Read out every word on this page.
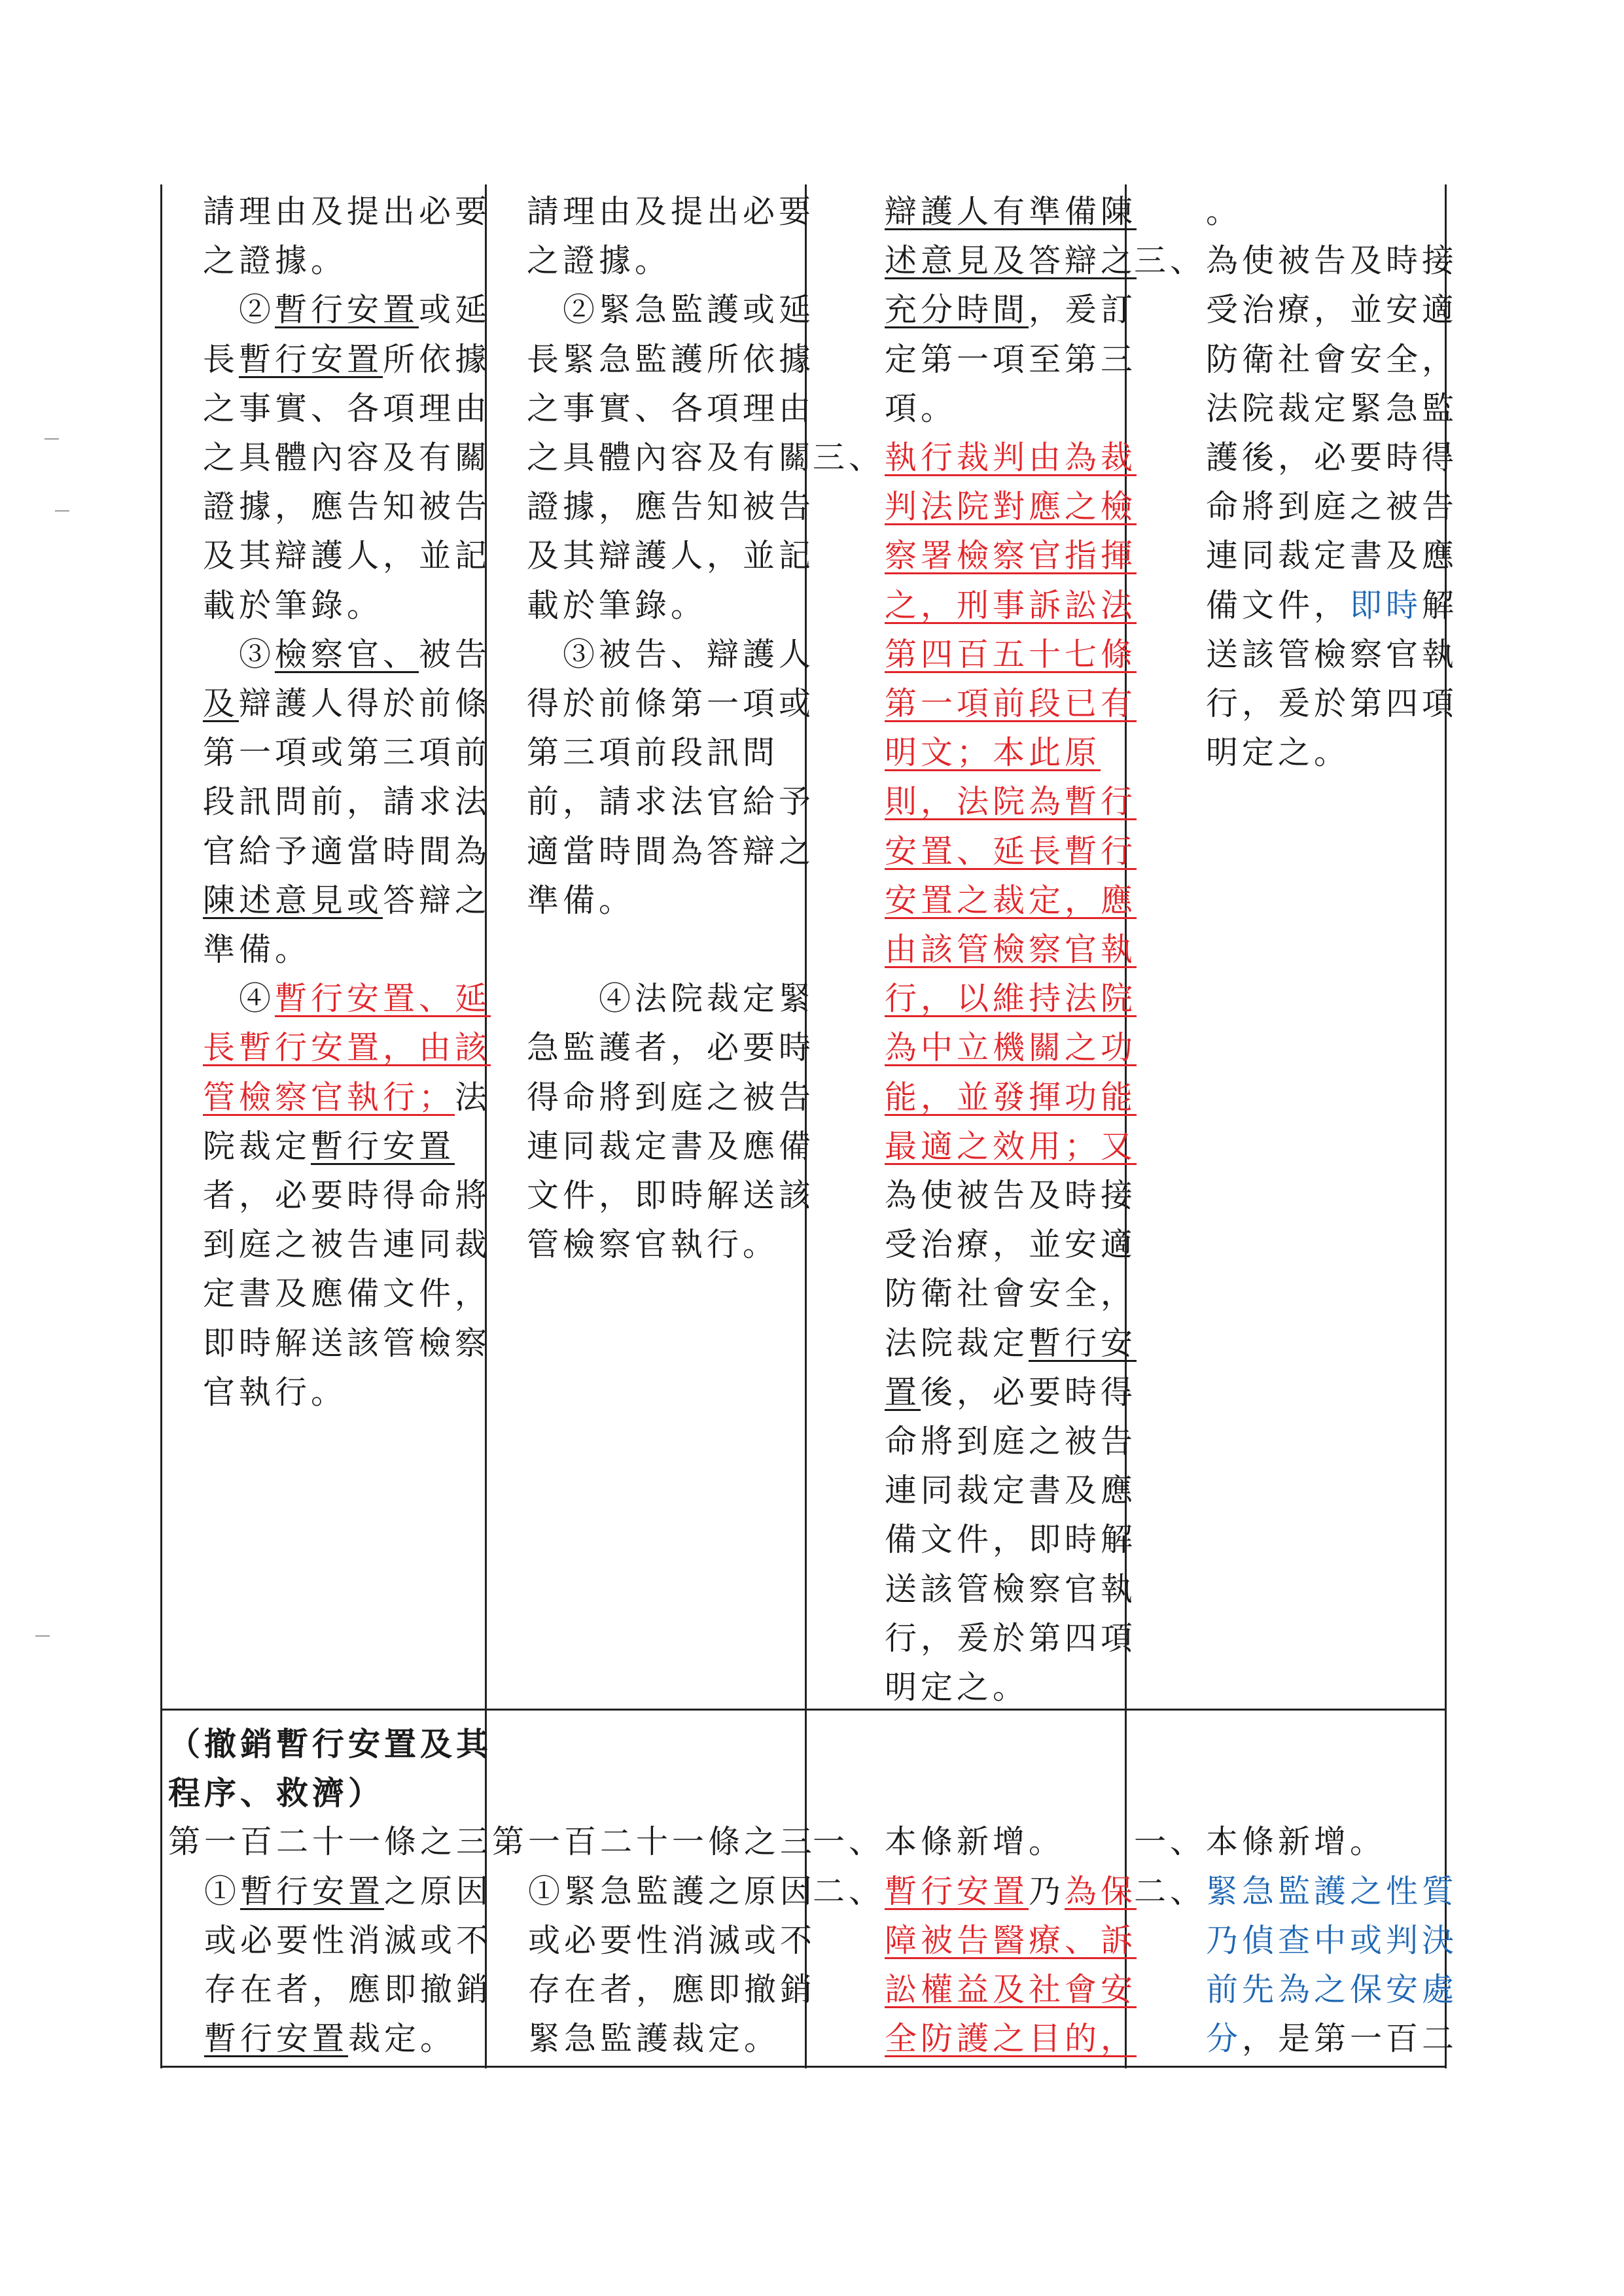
請理由及提出必要
之證據。
　②暫行安置或延
長暫行安置所依據
之事實、各項理由
之具體內容及有關
證據，應告知被告
及其辯護人，並記
載於筆錄。
　③檢察官、被告
及辯護人得於前條
第一項或第三項前
段訊問前，請求法
官給予適當時間為
陳述意見或答辯之
準備。
　④暫行安置、延
長暫行安置，由該
管檢察官執行；法
院裁定暫行安置
者，必要時得命將
到庭之被告連同裁
定書及應備文件，
即時解送該管檢察
官執行。
請理由及提出必要
之證據。
　②緊急監護或延
長緊急監護所依據
之事實、各項理由
之具體內容及有關
證據，應告知被告
及其辯護人，並記
載於筆錄。
　③被告、辯護人
得於前條第一項或
第三項前段訊問
前，請求法官給予
適當時間為答辯之
準備。
　　④法院裁定緊
急監護者，必要時
得命將到庭之被告
連同裁定書及應備
文件，即時解送該
管檢察官執行。
　　辯護人有準備陳
　　述意見及答辯之
　　充分時間，爰訂
　　定第一項至第三
　　項。
三、執行裁判由為裁
　　判法院對應之檢
　　察署檢察官指揮
　　之，刑事訴訟法
　　第四百五十七條
　　第一項前段已有
　　明文；本此原
　　則，法院為暫行
　　安置、延長暫行
　　安置之裁定，應
　　由該管檢察官執
　　行，以維持法院
　　為中立機關之功
　　能，並發揮功能
　　最適之效用；又
　　為使被告及時接
　　受治療，並安適
　　防衛社會安全，
　　法院裁定暫行安
　　置後，必要時得
　　命將到庭之被告
　　連同裁定書及應
　　備文件，即時解
　　送該管檢察官執
　　行，爰於第四項
　　明定之。
　　。
三、為使被告及時接
　　受治療，並安適
　　防衛社會安全，
　　法院裁定緊急監
　　護後，必要時得
　　命將到庭之被告
　　連同裁定書及應
　　備文件，即時解
　　送該管檢察官執
　　行，爰於第四項
　　明定之。
（撤銷暫行安置及其
程序、救濟）
第一百二十一條之三
　①暫行安置之原因
　或必要性消滅或不
　存在者，應即撤銷
　暫行安置裁定。
第一百二十一條之三
　①緊急監護之原因
　或必要性消滅或不
　存在者，應即撤銷
　緊急監護裁定。
一、本條新增。
二、暫行安置乃為保
　　障被告醫療、訴
　　訟權益及社會安
　　全防護之目的，
一、本條新增。
二、緊急監護之性質
　　乃偵查中或判決
　　前先為之保安處
　　分，是第一百二
